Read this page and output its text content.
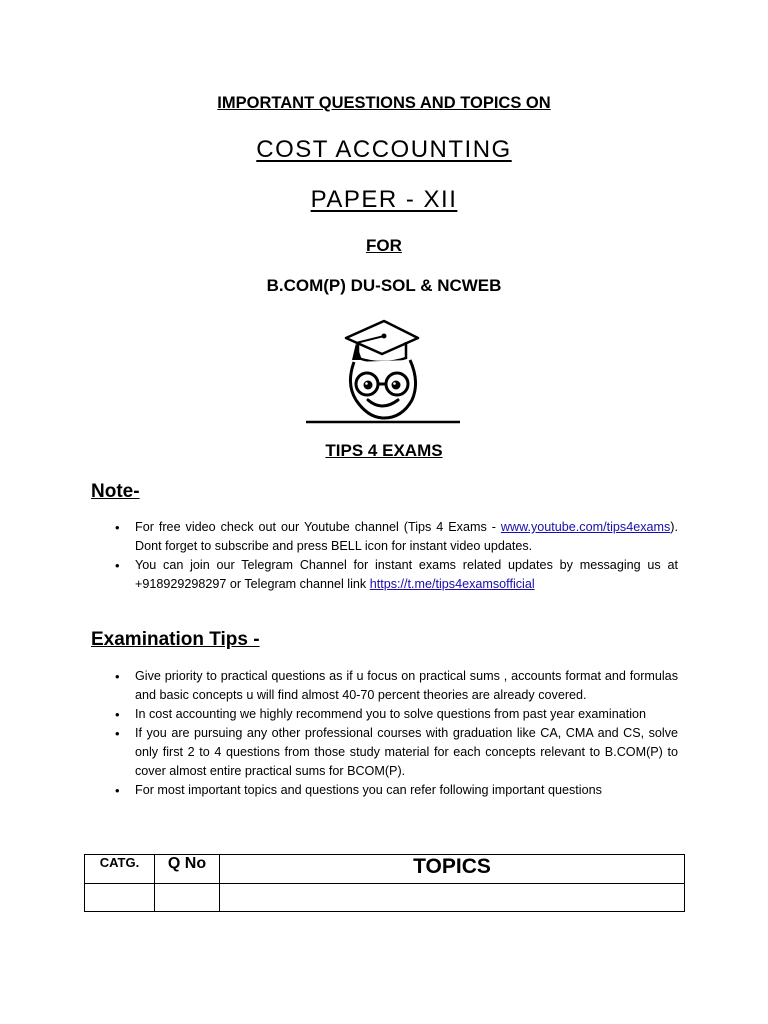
IMPORTANT QUESTIONS AND TOPICS ON
COST ACCOUNTING
PAPER - XII
FOR
B.COM(P) DU-SOL & NCWEB
TIPS 4 EXAMS
Note-
• For free video check out our Youtube channel (Tips 4 Exams - www.youtube.com/tips4exams). Dont forget to subscribe and press BELL icon for instant video updates.
• You can join our Telegram Channel for instant exams related updates by messaging us at +918929298297 or Telegram channel link https://t.me/tips4examsofficial
Examination Tips -
• Give priority to practical questions as if u focus on practical sums , accounts format and formulas and basic concepts u will find almost 40-70 percent theories are already covered.
• In cost accounting we highly recommend you to solve questions from past year examination
• If you are pursuing any other professional courses with graduation like CA, CMA and CS, solve only first 2 to 4 questions from those study material for each concepts relevant to B.COM(P) to cover almost entire practical sums for BCOM(P).
• For most important topics and questions you can refer following important questions
CATG.	Q No	TOPICS
